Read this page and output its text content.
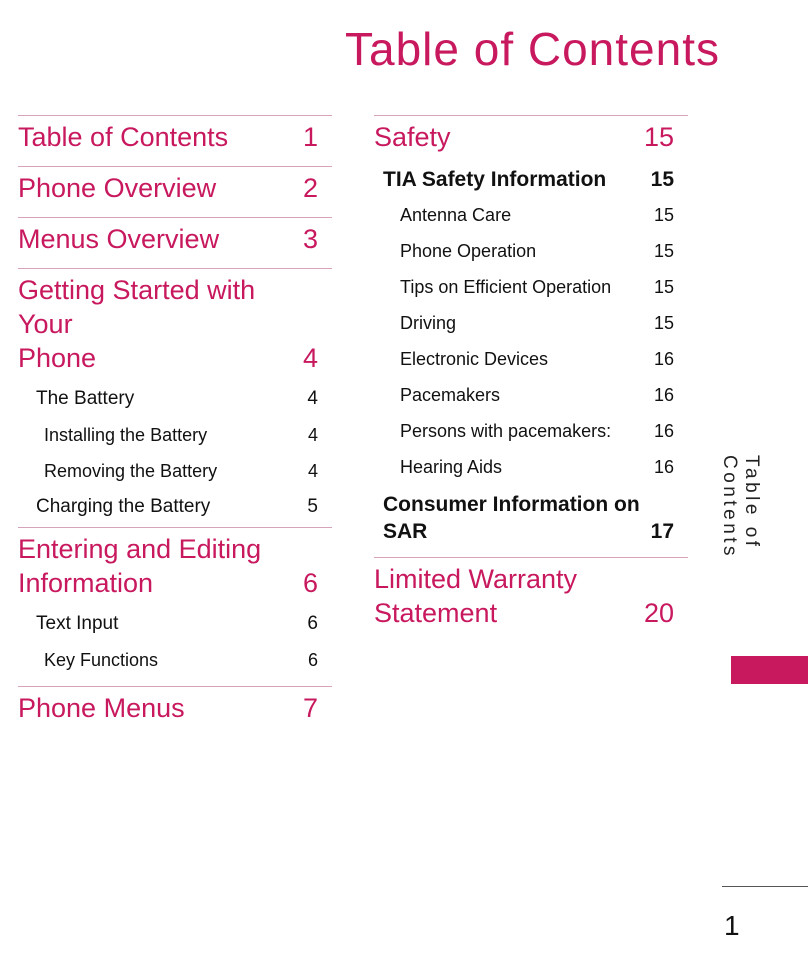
Table of Contents
Table of Contents	1
Phone Overview	2
Menus Overview	3
Getting Started with Your
Phone	4
The Battery	4
Installing the Battery	4
Removing the Battery	4
Charging the Battery	5
Entering and Editing
Information	6
Text Input	6
Key Functions	6
Phone Menus	7
Safety	15
TIA Safety Information	15
Antenna Care	15
Phone Operation	15
Tips on Efficient Operation 15
Driving	15
Electronic Devices	16
Pacemakers	16
Persons with pacemakers: 16
Hearing Aids	16
Consumer Information on
SAR	17
Limited Warranty
Statement	20
Table of Contents
1
